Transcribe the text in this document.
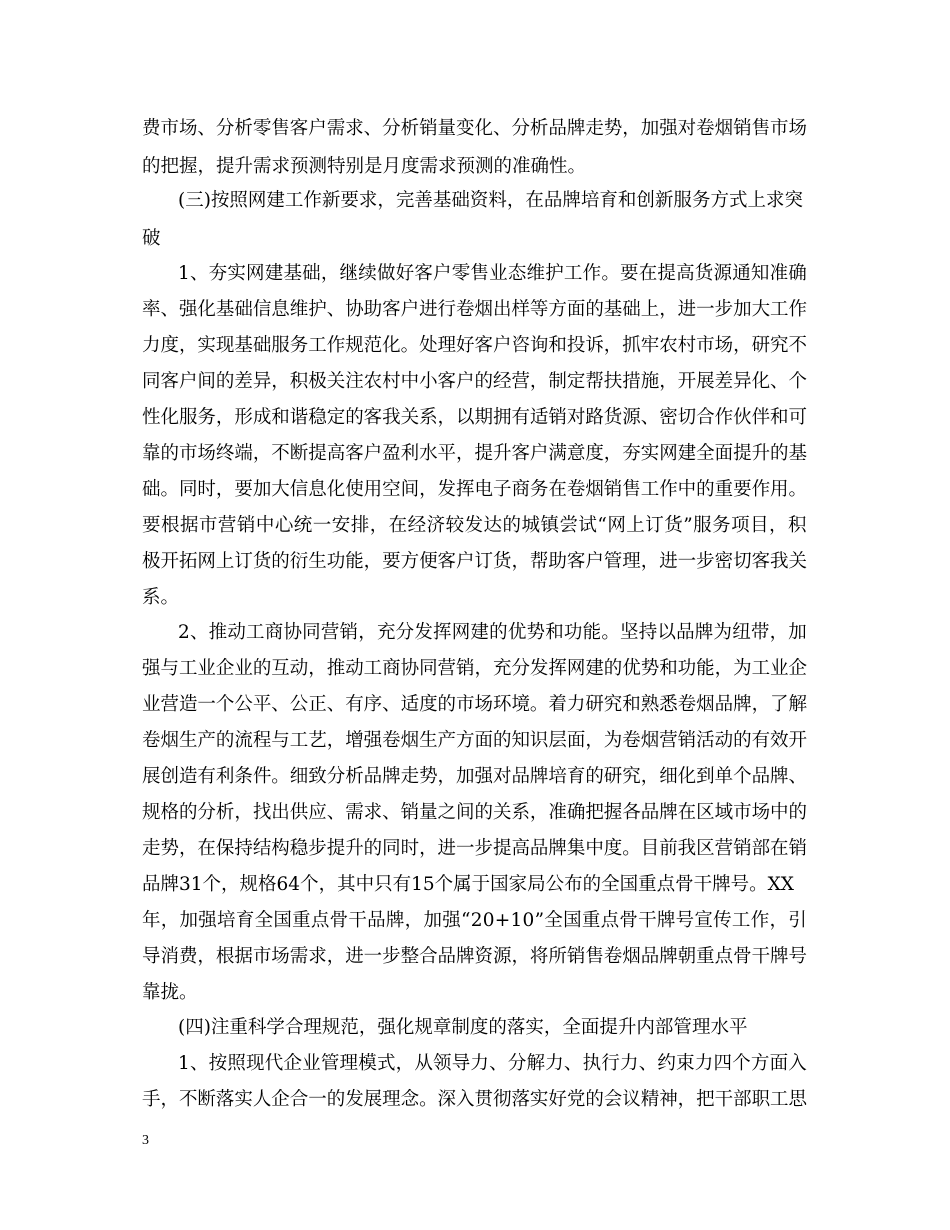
费市场、分析零售客户需求、分析销量变化、分析品牌走势，加强对卷烟销售市场
的把握，提升需求预测特别是月度需求预测的准确性。
(三)按照网建工作新要求，完善基础资料，在品牌培育和创新服务方式上求突
破
1、夯实网建基础，继续做好客户零售业态维护工作。要在提高货源通知准确
率、强化基础信息维护、协助客户进行卷烟出样等方面的基础上，进一步加大工作
力度，实现基础服务工作规范化。处理好客户咨询和投诉，抓牢农村市场，研究不
同客户间的差异，积极关注农村中小客户的经营，制定帮扶措施，开展差异化、个
性化服务，形成和谐稳定的客我关系，以期拥有适销对路货源、密切合作伙伴和可
靠的市场终端，不断提高客户盈利水平，提升客户满意度，夯实网建全面提升的基
础。同时，要加大信息化使用空间，发挥电子商务在卷烟销售工作中的重要作用。
要根据市营销中心统一安排，在经济较发达的城镇尝试“网上订货”服务项目，积
极开拓网上订货的衍生功能，要方便客户订货，帮助客户管理，进一步密切客我关
系。
2、推动工商协同营销，充分发挥网建的优势和功能。坚持以品牌为纽带，加
强与工业企业的互动，推动工商协同营销，充分发挥网建的优势和功能，为工业企
业营造一个公平、公正、有序、适度的市场环境。着力研究和熟悉卷烟品牌，了解
卷烟生产的流程与工艺，增强卷烟生产方面的知识层面，为卷烟营销活动的有效开
展创造有利条件。细致分析品牌走势，加强对品牌培育的研究，细化到单个品牌、
规格的分析，找出供应、需求、销量之间的关系，准确把握各品牌在区域市场中的
走势，在保持结构稳步提升的同时，进一步提高品牌集中度。目前我区营销部在销
品牌31个，规格64个，其中只有15个属于国家局公布的全国重点骨干牌号。XX
年，加强培育全国重点骨干品牌，加强“20+10”全国重点骨干牌号宣传工作，引
导消费，根据市场需求，进一步整合品牌资源，将所销售卷烟品牌朝重点骨干牌号
靠拢。
(四)注重科学合理规范，强化规章制度的落实，全面提升内部管理水平
1、按照现代企业管理模式，从领导力、分解力、执行力、约束力四个方面入
手，不断落实人企合一的发展理念。深入贯彻落实好党的会议精神，把干部职工思
3
